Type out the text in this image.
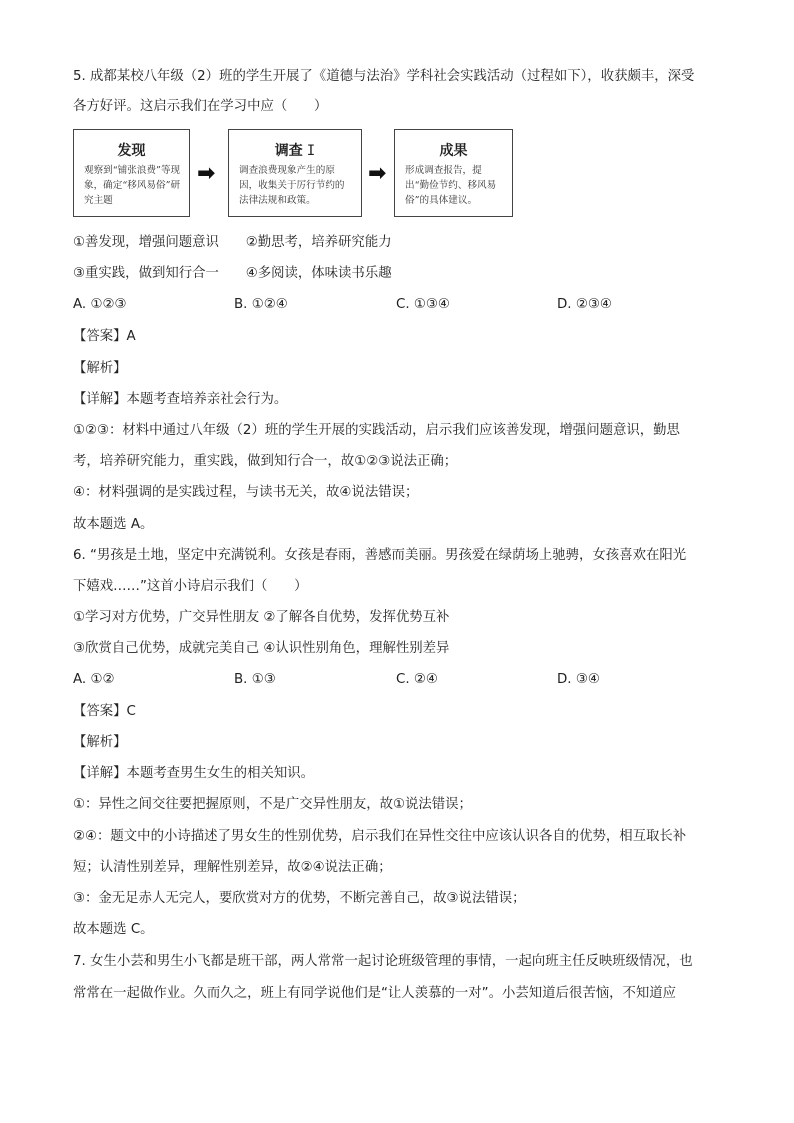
5. 成都某校八年级（2）班的学生开展了《道德与法治》学科社会实践活动（过程如下），收获颇丰，深受
各方好评。这启示我们在学习中应（　　）
发现
观察到“铺张浪费”等现象，确定“移风易俗”研究主题
➡
调查 I
调查浪费现象产生的原因，收集关于厉行节约的法律法规和政策。
➡
成果
形成调查报告，提出“勤俭节约、移风易俗”的具体建议。
①善发现，增强问题意识　　②勤思考，培养研究能力
③重实践，做到知行合一　　④多阅读，体味读书乐趣
A. ①②③	B. ①②④	C. ①③④	D. ②③④
【答案】A
【解析】
【详解】本题考查培养亲社会行为。
①②③：材料中通过八年级（2）班的学生开展的实践活动，启示我们应该善发现，增强问题意识，勤思
考，培养研究能力，重实践，做到知行合一，故①②③说法正确；
④：材料强调的是实践过程，与读书无关，故④说法错误；
故本题选 A。
6. “男孩是土地，坚定中充满锐利。女孩是春雨，善感而美丽。男孩爱在绿荫场上驰骋，女孩喜欢在阳光
下嬉戏……”这首小诗启示我们（　　）
①学习对方优势，广交异性朋友 ②了解各自优势，发挥优势互补
③欣赏自己优势，成就完美自己 ④认识性别角色，理解性别差异
A. ①②	B. ①③	C. ②④	D. ③④
【答案】C
【解析】
【详解】本题考查男生女生的相关知识。
①：异性之间交往要把握原则，不是广交异性朋友，故①说法错误；
②④：题文中的小诗描述了男女生的性别优势，启示我们在异性交往中应该认识各自的优势，相互取长补
短；认清性别差异，理解性别差异，故②④说法正确；
③：金无足赤人无完人，要欣赏对方的优势，不断完善自己，故③说法错误；
故本题选 C。
7. 女生小芸和男生小飞都是班干部，两人常常一起讨论班级管理的事情，一起向班主任反映班级情况，也
常常在一起做作业。久而久之，班上有同学说他们是“让人羡慕的一对”。小芸知道后很苦恼，不知道应
